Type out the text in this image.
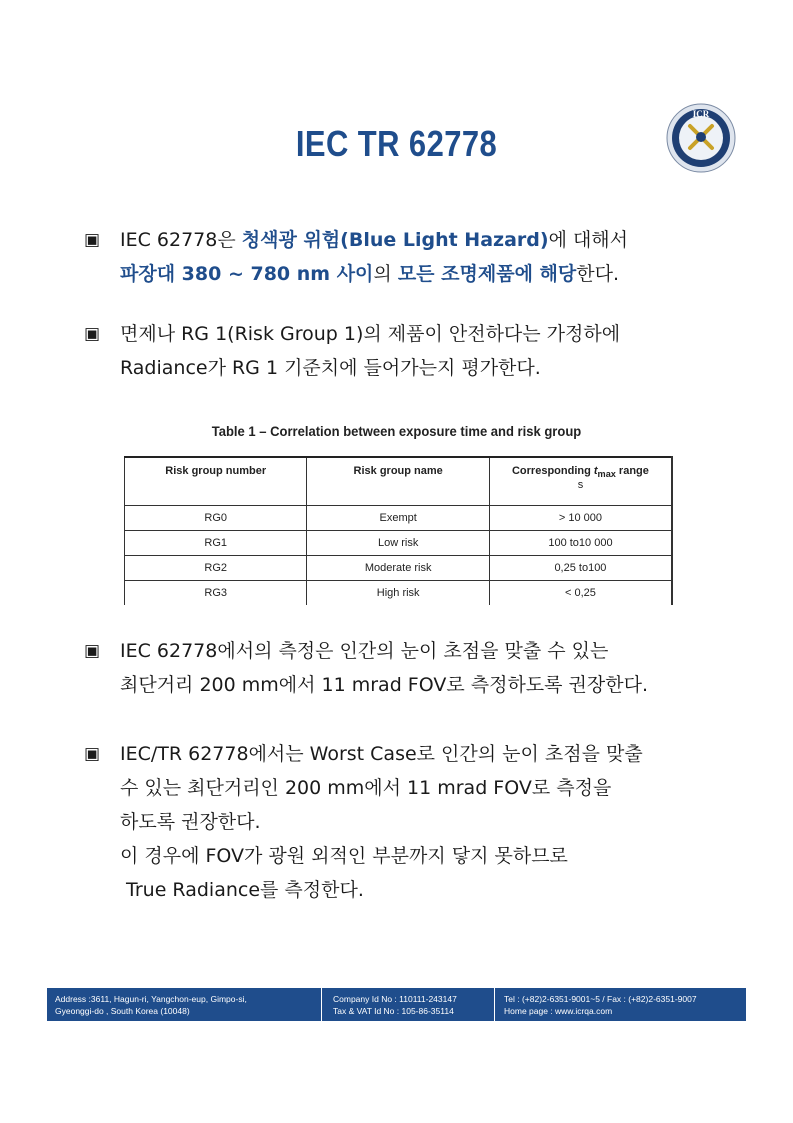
IEC TR 62778
ICR
▣	IEC 62778은 청색광 위험(Blue Light Hazard)에 대해서
파장대 380 ~ 780 nm 사이의 모든 조명제품에 해당한다.
▣	면제나 RG 1(Risk Group 1)의 제품이 안전하다는 가정하에
Radiance가 RG 1 기준치에 들어가는지 평가한다.
Table 1 – Correlation between exposure time and risk group
Risk group number	Risk group name	Corresponding $t_{max}$ range
s
RG0	Exempt	> 10 000
RG1	Low risk	100 to10 000
RG2	Moderate risk	0,25 to100
RG3	High risk	< 0,25
▣	IEC 62778에서의 측정은 인간의 눈이 초점을 맞출 수 있는
최단거리 200 mm에서 11 mrad FOV로 측정하도록 권장한다.
▣	IEC/TR 62778에서는 Worst Case로 인간의 눈이 초점을 맞출
수 있는 최단거리인 200 mm에서 11 mrad FOV로 측정을
하도록 권장한다.
이 경우에 FOV가 광원 외적인 부분까지 닿지 못하므로
True Radiance를 측정한다.
Address :3611, Hagun-ri, Yangchon-eup, Gimpo-si,
Gyeonggi-do , South Korea (10048)
Company Id No : 110111-243147
Tax & VAT Id No : 105-86-35114
Tel : (+82)2-6351-9001~5 / Fax : (+82)2-6351-9007
Home page : www.icrqa.com
